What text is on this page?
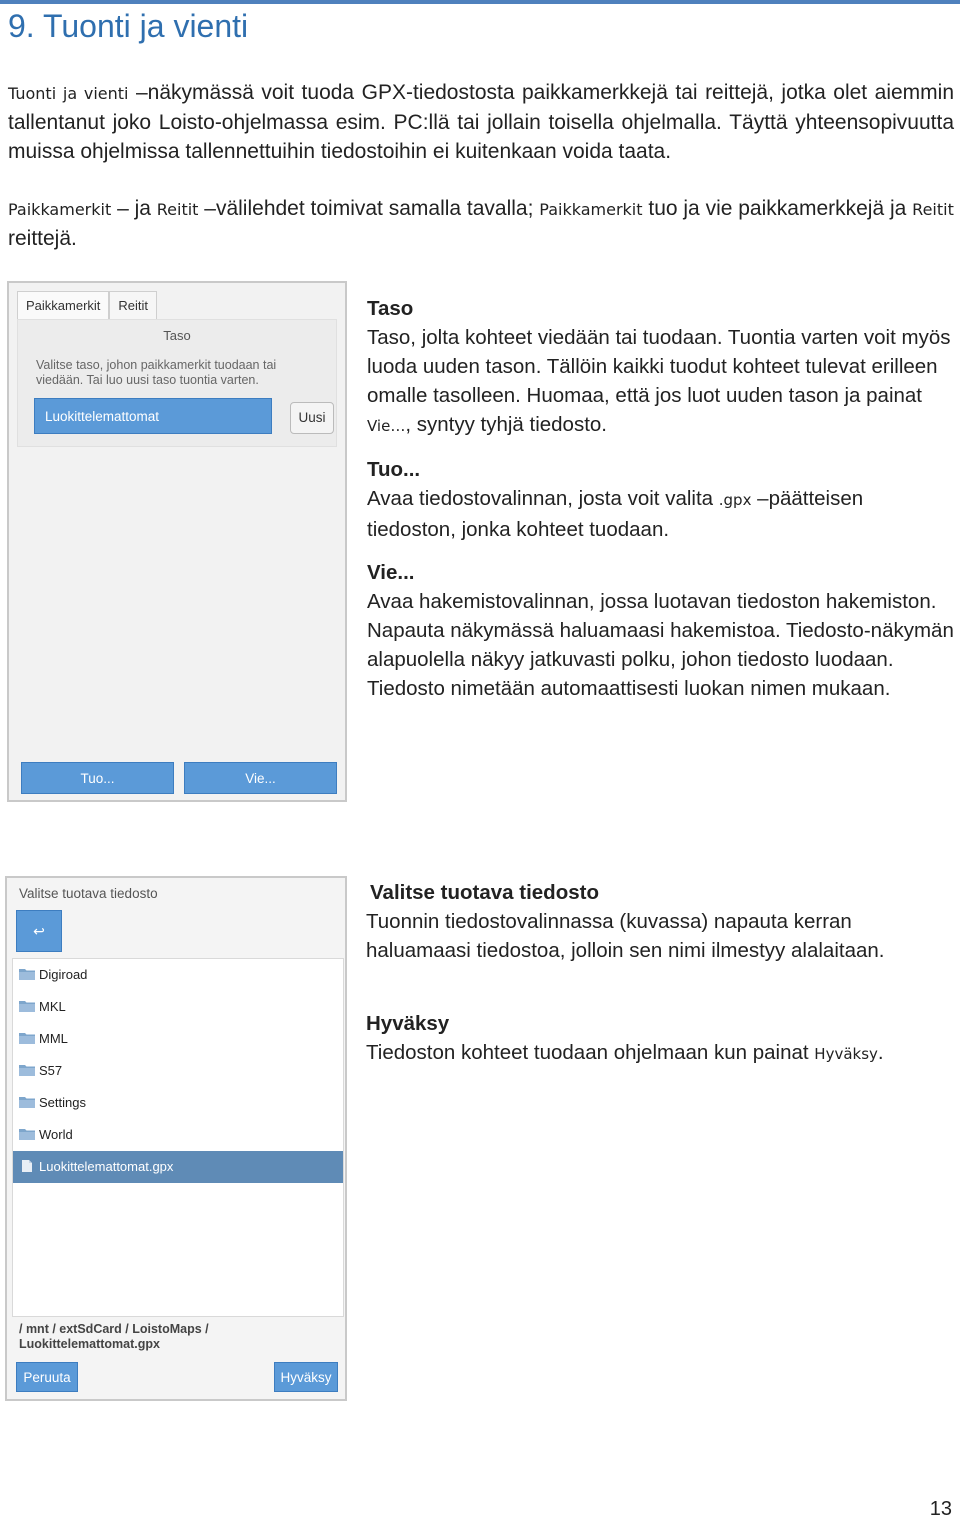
9. Tuonti ja vienti

Tuonti ja vienti –näkymässä voit tuoda GPX-tiedostosta paikkamerkkejä tai reittejä, jotka olet aiemmin tallentanut joko Loisto-ohjelmassa esim. PC:llä tai jollain toisella ohjelmalla. Täyttä yhteensopivuutta muissa ohjelmissa tallennettuihin tiedostoihin ei kuitenkaan voida taata.

Paikkamerkit – ja Reitit –välilehdet toimivat samalla tavalla; Paikkamerkit tuo ja vie paikkamerkkejä ja Reitit reittejä.

Paikkamerkit	Reitit
Taso
Valitse taso, johon paikkamerkit tuodaan tai viedään. Tai luo uusi taso tuontia varten.
Luokittelemattomat	Uusi
Tuo...	Vie...
Taso

Taso, jolta kohteet viedään tai tuodaan. Tuontia varten voit myös luoda uuden tason. Tällöin kaikki tuodut kohteet tulevat erilleen omalle tasolleen. Huomaa, että jos luot uuden tason ja painat Vie…, syntyy tyhjä tiedosto.

Tuo...

Avaa tiedostovalinnan, josta voit valita .gpx –päätteisen tiedoston, jonka kohteet tuodaan.

Vie...

Avaa hakemistovalinnan, jossa luotavan tiedoston hakemiston. Napauta näkymässä haluamaasi hakemistoa. Tiedosto-näkymän alapuolella näkyy jatkuvasti polku, johon tiedosto luodaan. Tiedosto nimetään automaattisesti luokan nimen mukaan.

Valitse tuotava tiedosto
↩
Digiroad
MKL
MML
S57
Settings
World
Luokittelemattomat.gpx
/ mnt / extSdCard / LoistoMaps /
Luokittelemattomat.gpx
Peruuta	Hyväksy
Valitse tuotava tiedosto

Tuonnin tiedostovalinnassa (kuvassa) napauta kerran haluamaasi tiedostoa, jolloin sen nimi ilmestyy alalaitaan.

Hyväksy

Tiedoston kohteet tuodaan ohjelmaan kun painat Hyväksy.

13
